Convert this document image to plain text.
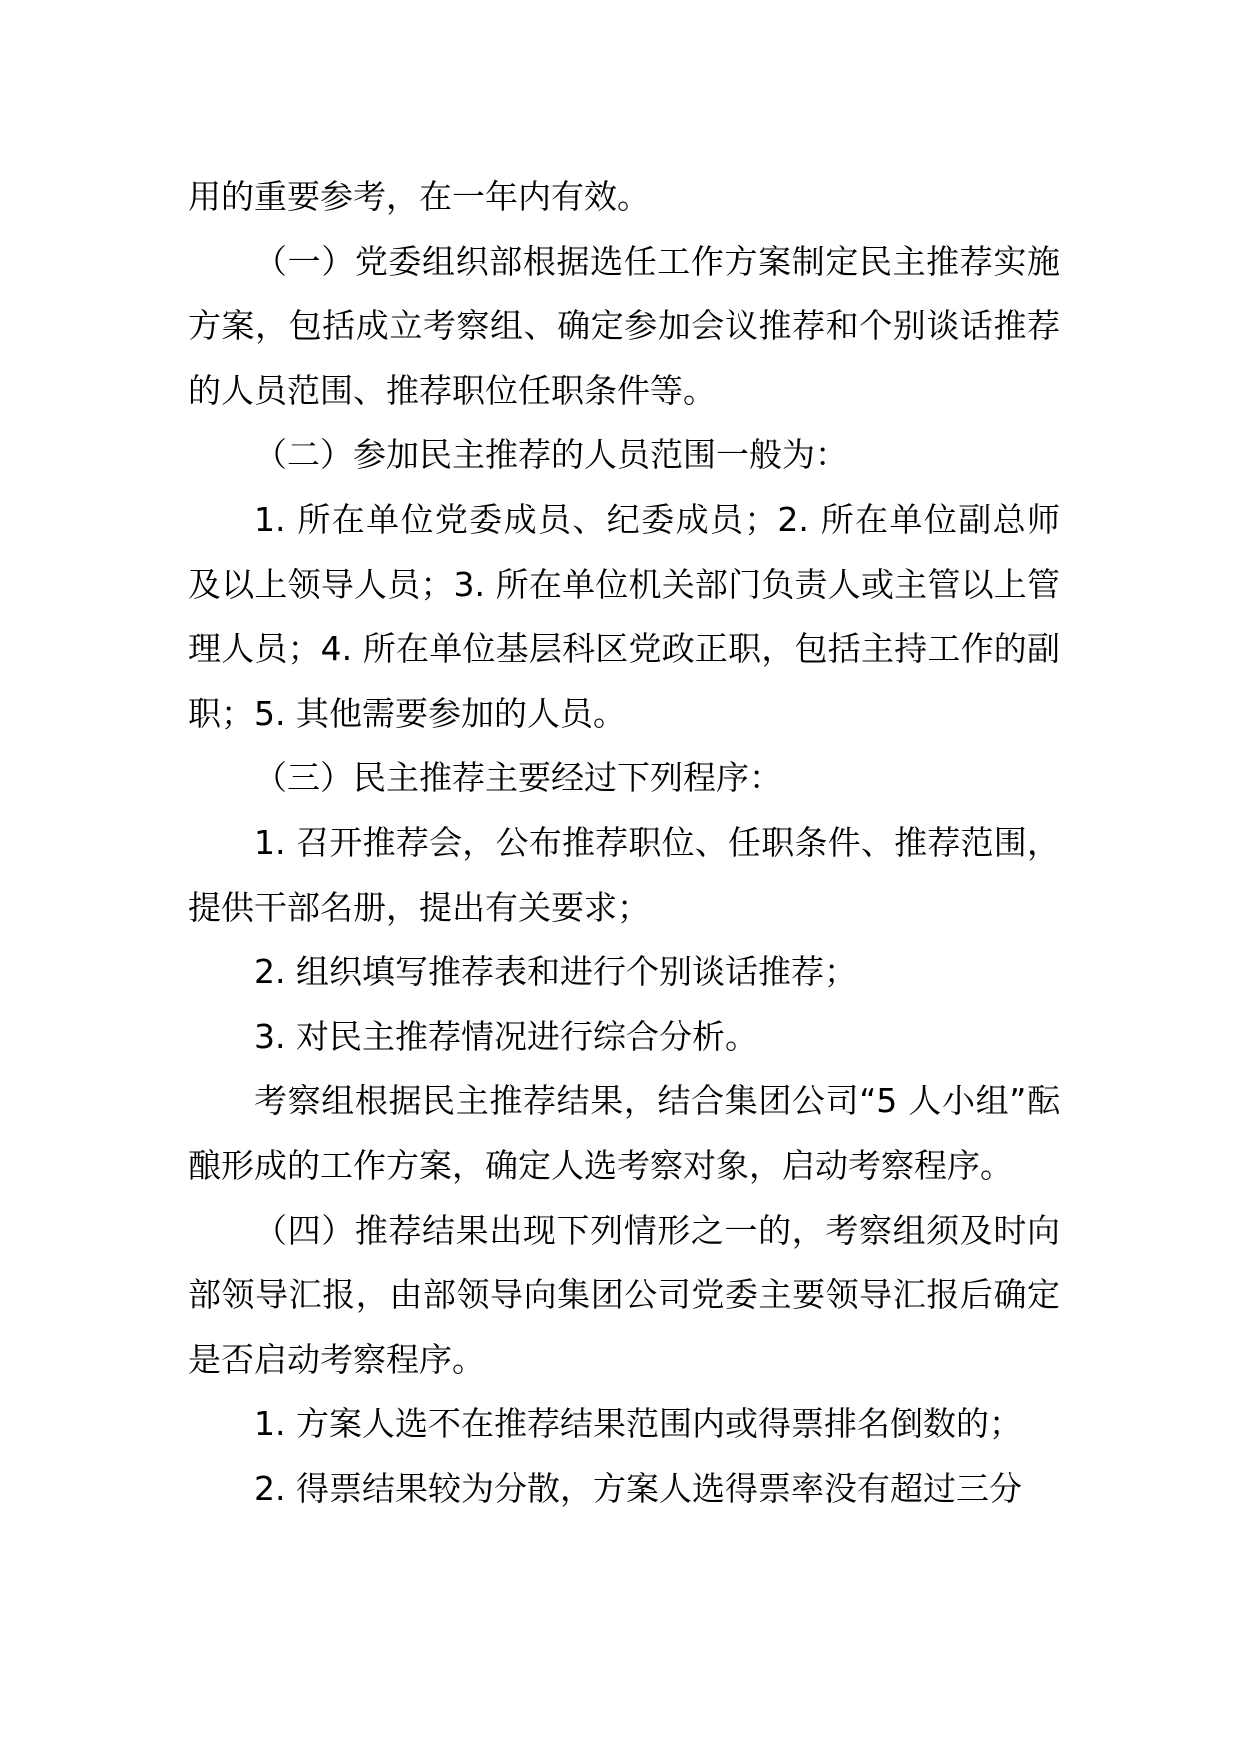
用的重要参考，在一年内有效。

（一）党委组织部根据选任工作方案制定民主推荐实施方案，包括成立考察组、确定参加会议推荐和个别谈话推荐的人员范围、推荐职位任职条件等。

（二）参加民主推荐的人员范围一般为：

1. 所在单位党委成员、纪委成员；2. 所在单位副总师及以上领导人员；3. 所在单位机关部门负责人或主管以上管理人员；4. 所在单位基层科区党政正职，包括主持工作的副职；5. 其他需要参加的人员。

（三）民主推荐主要经过下列程序：

1. 召开推荐会，公布推荐职位、任职条件、推荐范围，提供干部名册，提出有关要求；

2. 组织填写推荐表和进行个别谈话推荐；

3. 对民主推荐情况进行综合分析。

考察组根据民主推荐结果，结合集团公司“5 人小组”酝酿形成的工作方案，确定人选考察对象，启动考察程序。

（四）推荐结果出现下列情形之一的，考察组须及时向部领导汇报，由部领导向集团公司党委主要领导汇报后确定是否启动考察程序。

1. 方案人选不在推荐结果范围内或得票排名倒数的；

2. 得票结果较为分散，方案人选得票率没有超过三分
